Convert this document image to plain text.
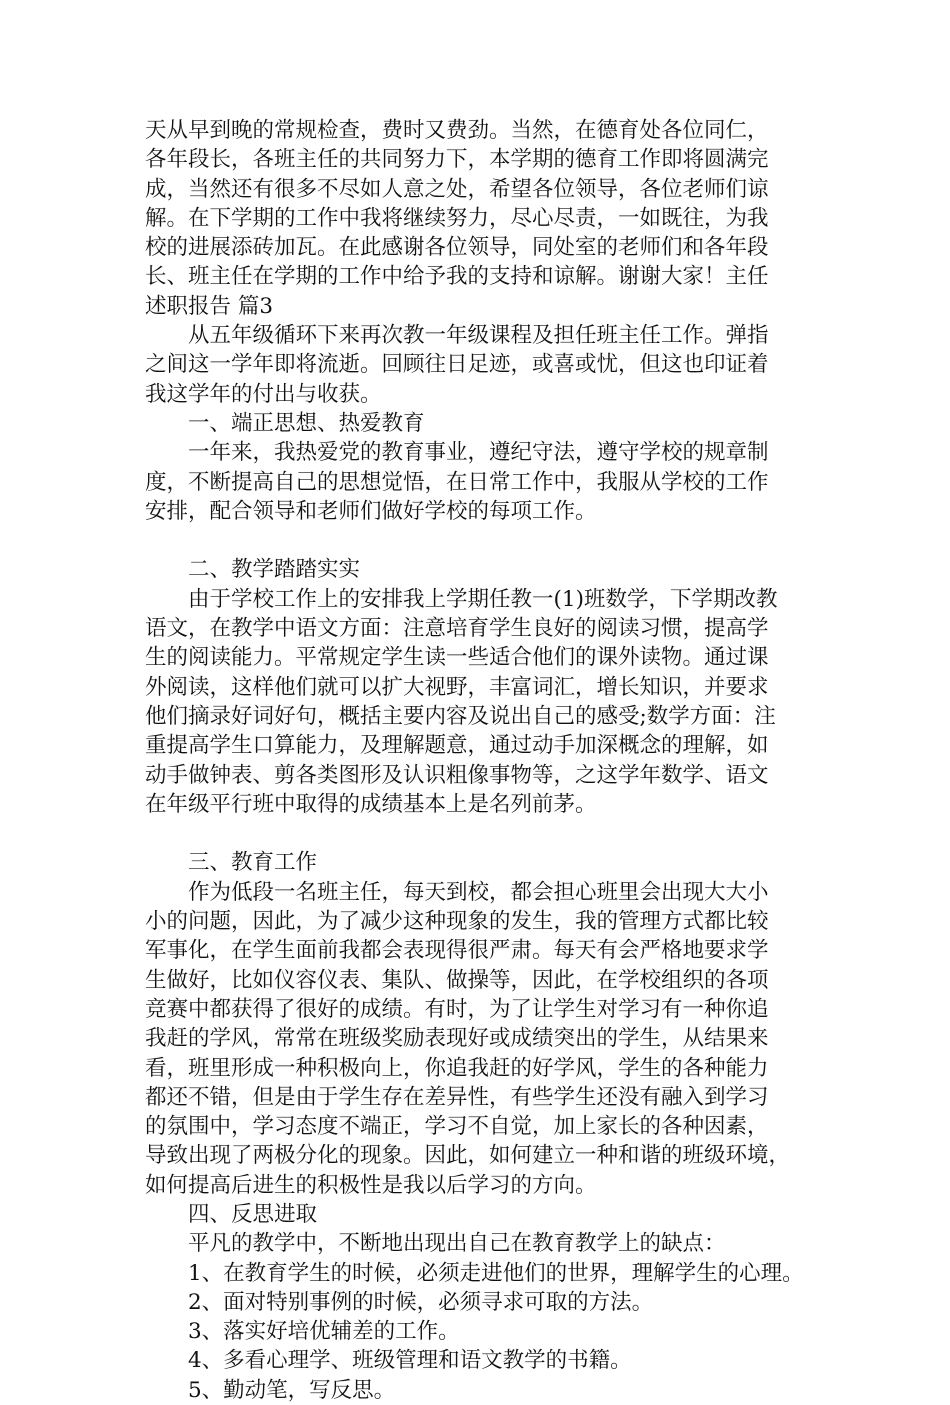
天从早到晚的常规检查，费时又费劲。当然，在德育处各位同仁，
各年段长，各班主任的共同努力下，本学期的德育工作即将圆满完
成，当然还有很多不尽如人意之处，希望各位领导，各位老师们谅
解。在下学期的工作中我将继续努力，尽心尽责，一如既往，为我
校的进展添砖加瓦。在此感谢各位领导，同处室的老师们和各年段
长、班主任在学期的工作中给予我的支持和谅解。谢谢大家！主任
述职报告 篇3
　　从五年级循环下来再次教一年级课程及担任班主任工作。弹指
之间这一学年即将流逝。回顾往日足迹，或喜或忧，但这也印证着
我这学年的付出与收获。
　　一、端正思想、热爱教育
　　一年来，我热爱党的教育事业，遵纪守法，遵守学校的规章制
度，不断提高自己的思想觉悟，在日常工作中，我服从学校的工作
安排，配合领导和老师们做好学校的每项工作。
　　二、教学踏踏实实
　　由于学校工作上的安排我上学期任教一(1)班数学，下学期改教
语文，在教学中语文方面：注意培育学生良好的阅读习惯，提高学
生的阅读能力。平常规定学生读一些适合他们的课外读物。通过课
外阅读，这样他们就可以扩大视野，丰富词汇，增长知识，并要求
他们摘录好词好句，概括主要内容及说出自己的感受;数学方面：注
重提高学生口算能力，及理解题意，通过动手加深概念的理解，如
动手做钟表、剪各类图形及认识粗像事物等，之这学年数学、语文
在年级平行班中取得的成绩基本上是名列前茅。
　　三、教育工作
　　作为低段一名班主任，每天到校，都会担心班里会出现大大小
小的问题，因此，为了减少这种现象的发生，我的管理方式都比较
军事化，在学生面前我都会表现得很严肃。每天有会严格地要求学
生做好，比如仪容仪表、集队、做操等，因此，在学校组织的各项
竞赛中都获得了很好的成绩。有时，为了让学生对学习有一种你追
我赶的学风，常常在班级奖励表现好或成绩突出的学生，从结果来
看，班里形成一种积极向上，你追我赶的好学风，学生的各种能力
都还不错，但是由于学生存在差异性，有些学生还没有融入到学习
的氛围中，学习态度不端正，学习不自觉，加上家长的各种因素，
导致出现了两极分化的现象。因此，如何建立一种和谐的班级环境，
如何提高后进生的积极性是我以后学习的方向。
　　四、反思进取
　　平凡的教学中，不断地出现出自己在教育教学上的缺点：
　　1、在教育学生的时候，必须走进他们的世界，理解学生的心理。
　　2、面对特别事例的时候，必须寻求可取的方法。
　　3、落实好培优辅差的工作。
　　4、多看心理学、班级管理和语文教学的书籍。
　　5、勤动笔，写反思。
